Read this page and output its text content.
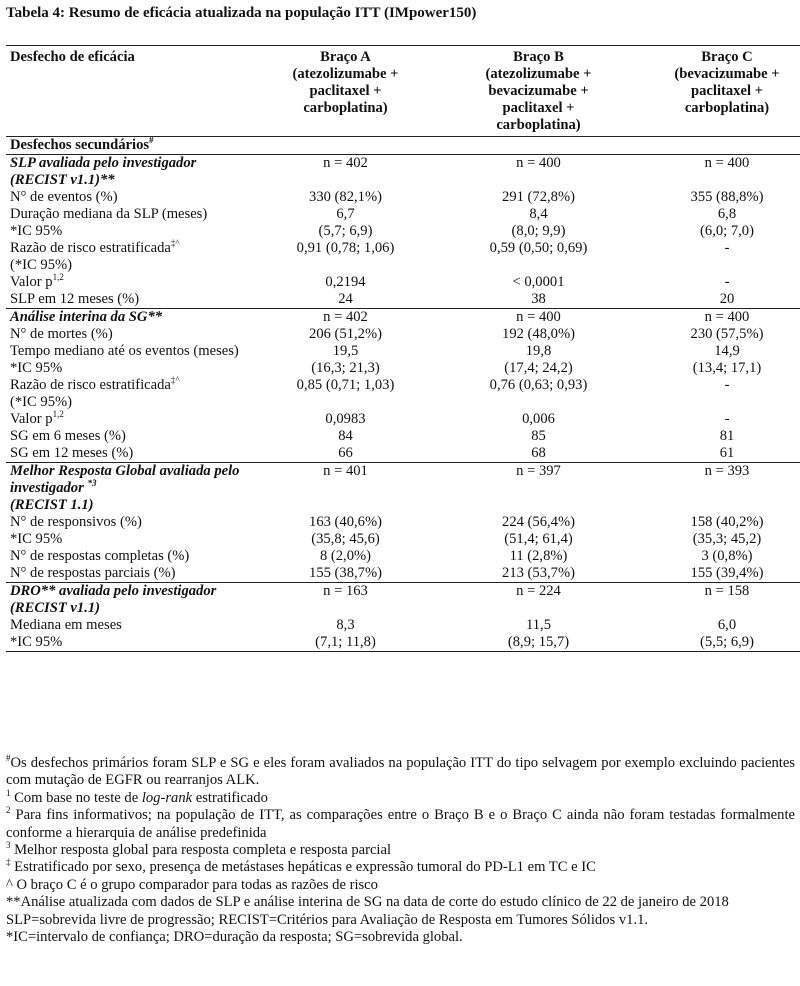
Tabela 4: Resumo de eficácia atualizada na população ITT (IMpower150)
Desfecho de eficácia	Braço A
(atezolizumabe +
paclitaxel +
carboplatina)	Braço B
(atezolizumabe +
bevacizumabe +
paclitaxel +
carboplatina)	Braço C
(bevacizumabe +
paclitaxel +
carboplatina)
Desfechos secundários#
SLP avaliada pelo investigador (RECIST v1.1)**	n = 402	n = 400	n = 400
N° de eventos (%)	330 (82,1%)	291 (72,8%)	355 (88,8%)
Duração mediana da SLP (meses)	6,7	8,4	6,8
*IC 95%	(5,7; 6,9)	(8,0; 9,9)	(6,0; 7,0)
Razão de risco estratificada‡^
(*IC 95%)	0,91 (0,78; 1,06)	0,59 (0,50; 0,69)	-
Valor $p^{1,2}$	0,2194	< 0,0001	-
SLP em 12 meses (%)	24	38	20
Análise interina da SG**	n = 402	n = 400	n = 400
N° de mortes (%)	206 (51,2%)	192 (48,0%)	230 (57,5%)
Tempo mediano até os eventos (meses)	19,5	19,8	14,9
*IC 95%	(16,3; 21,3)	(17,4; 24,2)	(13,4; 17,1)
Razão de risco estratificada‡^
(*IC 95%)	0,85 (0,71; 1,03)	0,76 (0,63; 0,93)	-
Valor $p^{1,2}$	0,0983	0,006	-
SG em 6 meses (%)	84	85	81
SG em 12 meses (%)	66	68	61
Melhor Resposta Global avaliada pelo investigador $^{*3}$
(RECIST 1.1)	n = 401	n = 397	n = 393
N° de responsivos (%)	163 (40,6%)	224 (56,4%)	158 (40,2%)
*IC 95%	(35,8; 45,6)	(51,4; 61,4)	(35,3; 45,2)
N° de respostas completas (%)	8 (2,0%)	11 (2,8%)	3 (0,8%)
N° de respostas parciais (%)	155 (38,7%)	213 (53,7%)	155 (39,4%)
DRO** avaliada pelo investigador (RECIST v1.1)	n = 163	n = 224	n = 158
Mediana em meses	8,3	11,5	6,0
*IC 95%	(7,1; 11,8)	(8,9; 15,7)	(5,5; 6,9)

#Os desfechos primários foram SLP e SG e eles foram avaliados na população ITT do tipo selvagem por exemplo excluindo pacientes com mutação de EGFR ou rearranjos ALK.

$^1$ Com base no teste de log-rank estratificado

$^2$ Para fins informativos; na população de ITT, as comparações entre o Braço B e o Braço C ainda não foram testadas formalmente conforme a hierarquia de análise predefinida

$^3$ Melhor resposta global para resposta completa e resposta parcial

‡ Estratificado por sexo, presença de metástases hepáticas e expressão tumoral do PD-L1 em TC e IC

^ O braço C é o grupo comparador para todas as razões de risco

**Análise atualizada com dados de SLP e análise interina de SG na data de corte do estudo clínico de 22 de janeiro de 2018

SLP=sobrevida livre de progressão; RECIST=Critérios para Avaliação de Resposta em Tumores Sólidos v1.1.

*IC=intervalo de confiança; DRO=duração da resposta; SG=sobrevida global.
